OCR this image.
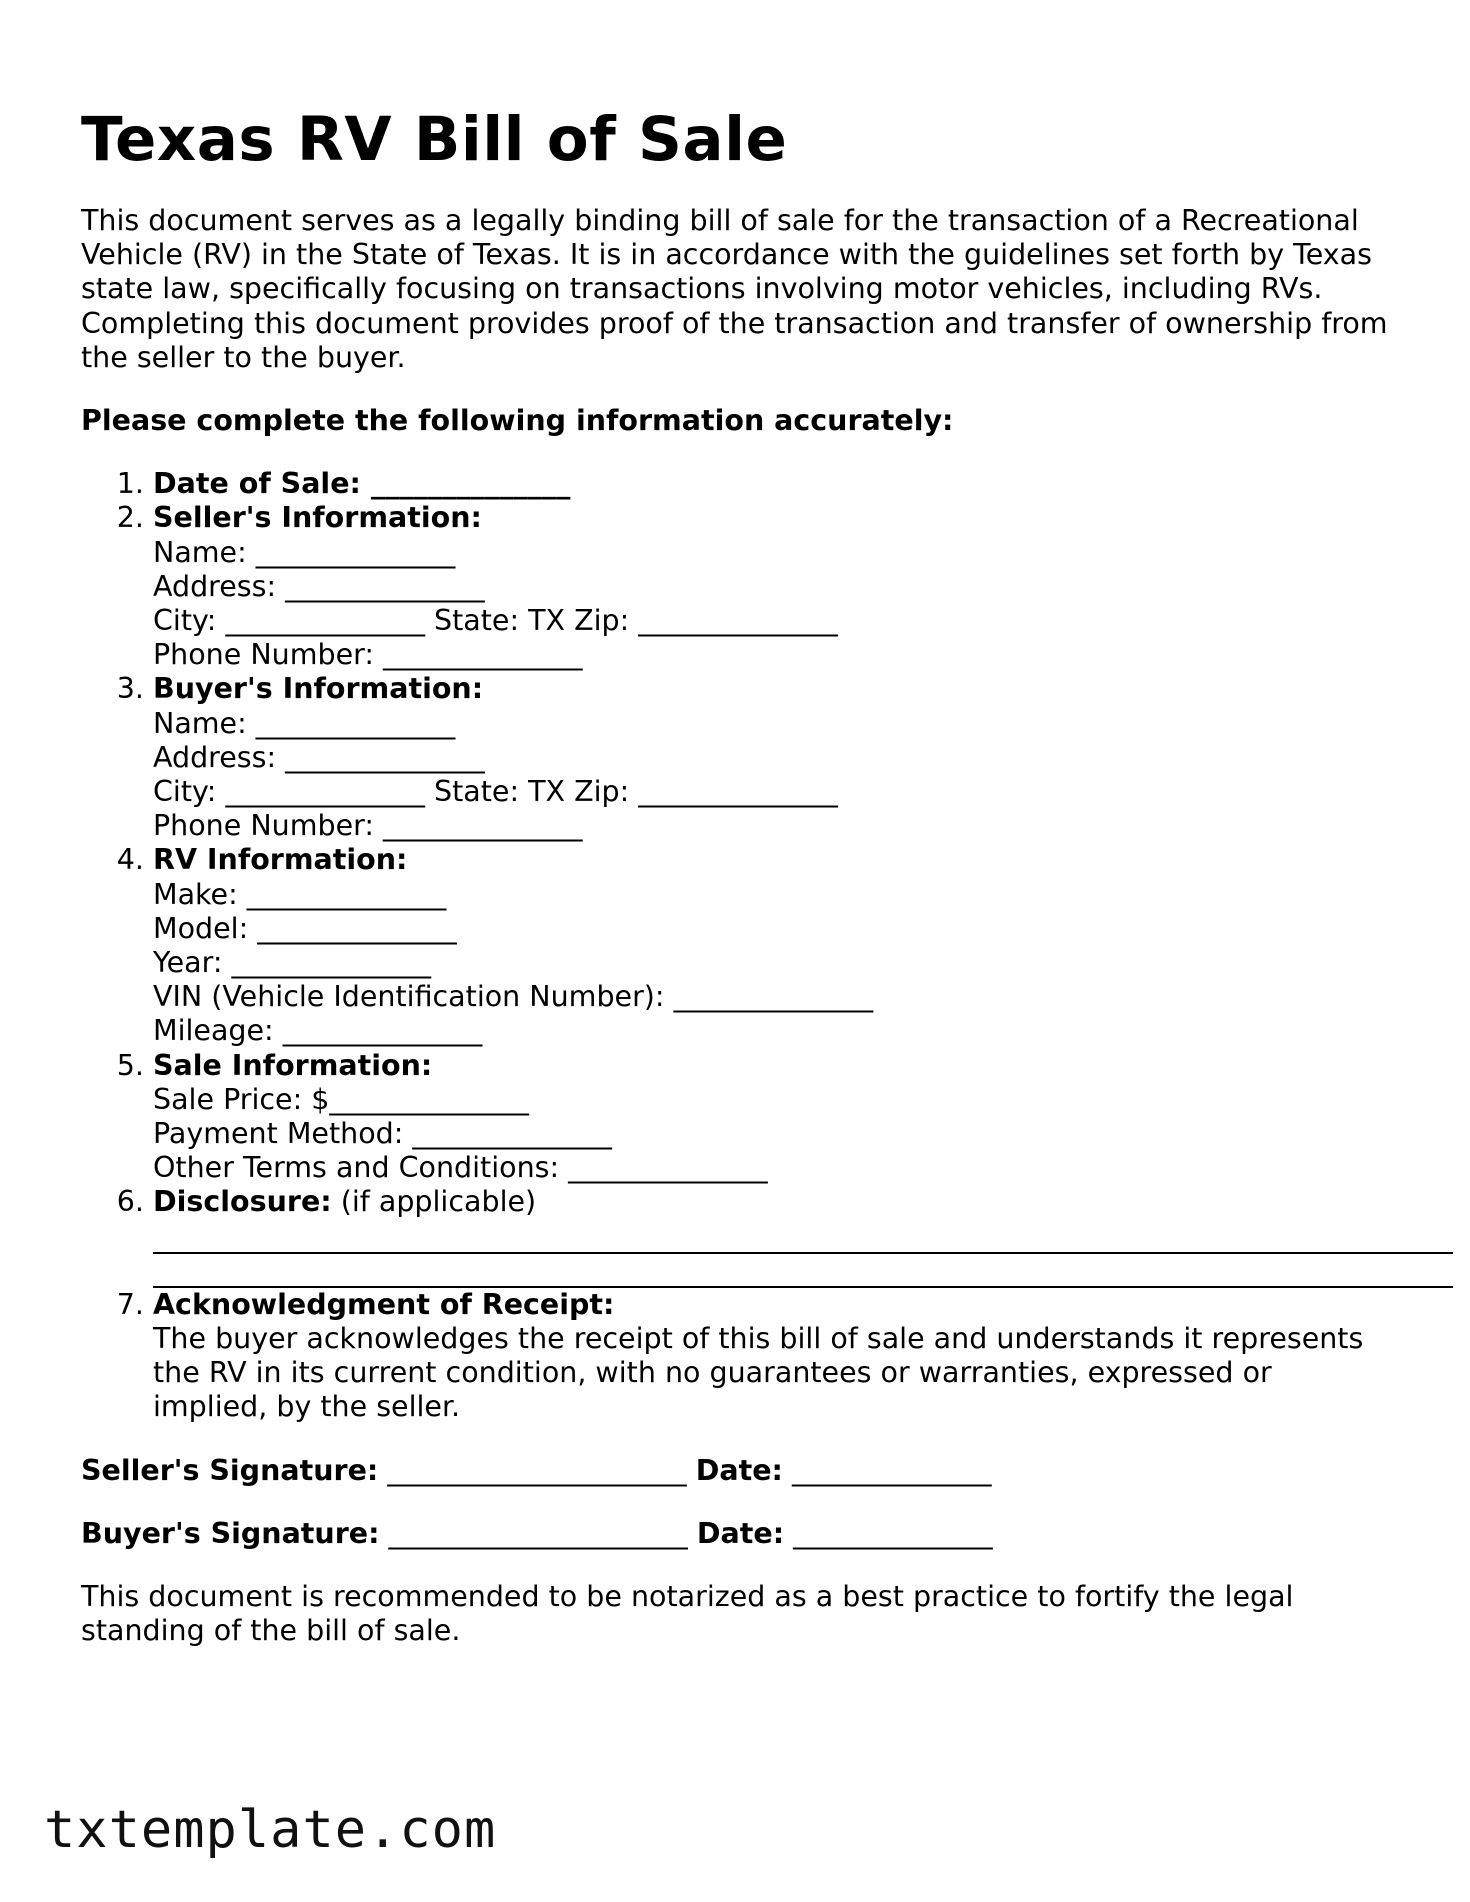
Texas RV Bill of Sale

This document serves as a legally binding bill of sale for the transaction of a Recreational Vehicle (RV) in the State of Texas. It is in accordance with the guidelines set forth by Texas state law, specifically focusing on transactions involving motor vehicles, including RVs. Completing this document provides proof of the transaction and transfer of ownership from the seller to the buyer.

Please complete the following information accurately:

1. Date of Sale: ______________
2. Seller's Information:
Name: ______________
Address: ______________
City: ______________ State: TX Zip: ______________
Phone Number: ______________
3. Buyer's Information:
Name: ______________
Address: ______________
City: ______________ State: TX Zip: ______________
Phone Number: ______________
4. RV Information:
Make: ______________
Model: ______________
Year: ______________
VIN (Vehicle Identification Number): ______________
Mileage: ______________
5. Sale Information:
Sale Price: $______________
Payment Method: ______________
Other Terms and Conditions: ______________
6. Disclosure: (if applicable)
7. Acknowledgment of Receipt:
The buyer acknowledges the receipt of this bill of sale and understands it represents the RV in its current condition, with no guarantees or warranties, expressed or implied, by the seller.

Seller's Signature: _____________________ Date: ______________

Buyer's Signature: _____________________ Date: ______________

This document is recommended to be notarized as a best practice to fortify the legal standing of the bill of sale.

txtemplate.com
